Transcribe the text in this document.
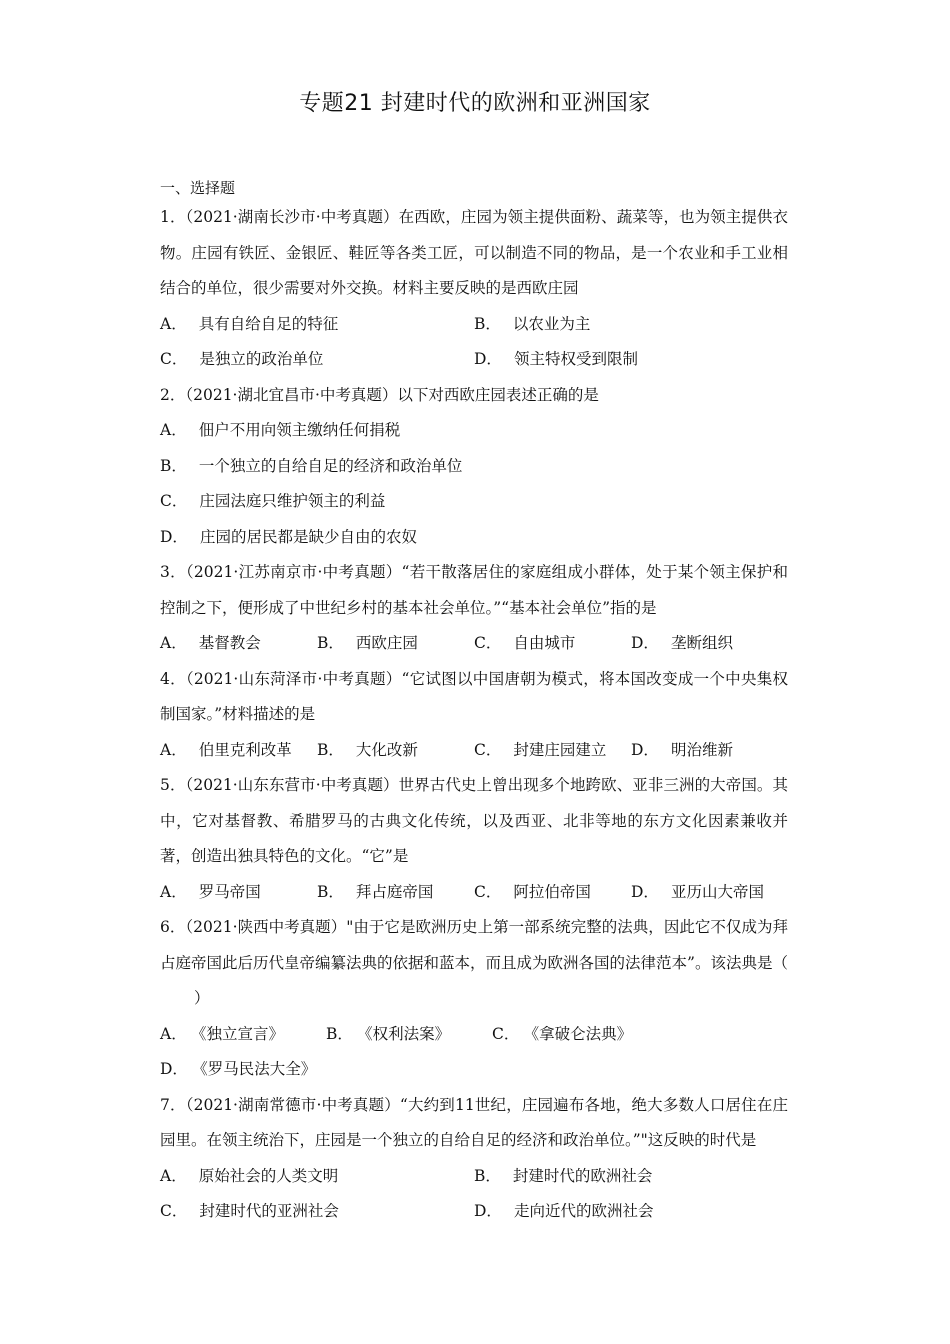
专题21 封建时代的欧洲和亚洲国家
一、选择题

1．（2021·湖南长沙市·中考真题）在西欧，庄园为领主提供面粉、蔬菜等，也为领主提供衣物。庄园有铁匠、金银匠、鞋匠等各类工匠，可以制造不同的物品，是一个农业和手工业相结合的单位，很少需要对外交换。材料主要反映的是西欧庄园

A． 具有自给自足的特征	B． 以农业为主
C． 是独立的政治单位	D． 领主特权受到限制

2．（2021·湖北宜昌市·中考真题）以下对西欧庄园表述正确的是

A． 佃户不用向领主缴纳任何捐税
B． 一个独立的自给自足的经济和政治单位
C． 庄园法庭只维护领主的利益
D． 庄园的居民都是缺少自由的农奴

3．（2021·江苏南京市·中考真题）“若干散落居住的家庭组成小群体，处于某个领主保护和控制之下，便形成了中世纪乡村的基本社会单位。”“基本社会单位”指的是

A． 基督教会	B． 西欧庄园	C． 自由城市	D． 垄断组织

4．（2021·山东菏泽市·中考真题）“它试图以中国唐朝为模式，将本国改变成一个中央集权制国家。”材料描述的是

A． 伯里克利改革	B． 大化改新	C． 封建庄园建立	D． 明治维新

5．（2021·山东东营市·中考真题）世界古代史上曾出现多个地跨欧、亚非三洲的大帝国。其中，它对基督教、希腊罗马的古典文化传统，以及西亚、北非等地的东方文化因素兼收并著，创造出独具特色的文化。“它”是

A． 罗马帝国	B． 拜占庭帝国	C． 阿拉伯帝国	D． 亚历山大帝国

6．（2021·陕西中考真题）"由于它是欧洲历史上第一部系统完整的法典，因此它不仅成为拜占庭帝国此后历代皇帝编纂法典的依据和蓝本，而且成为欧洲各国的法律范本”。该法典是（）

A． 《独立宣言》	B． 《权利法案》	C． 《拿破仑法典》D． 《罗马民法大全》

7．（2021·湖南常德市·中考真题）“大约到11世纪，庄园遍布各地，绝大多数人口居住在庄园里。在领主统治下，庄园是一个独立的自给自足的经济和政治单位。”"这反映的时代是

A． 原始社会的人类文明	B． 封建时代的欧洲社会
C． 封建时代的亚洲社会	D． 走向近代的欧洲社会
